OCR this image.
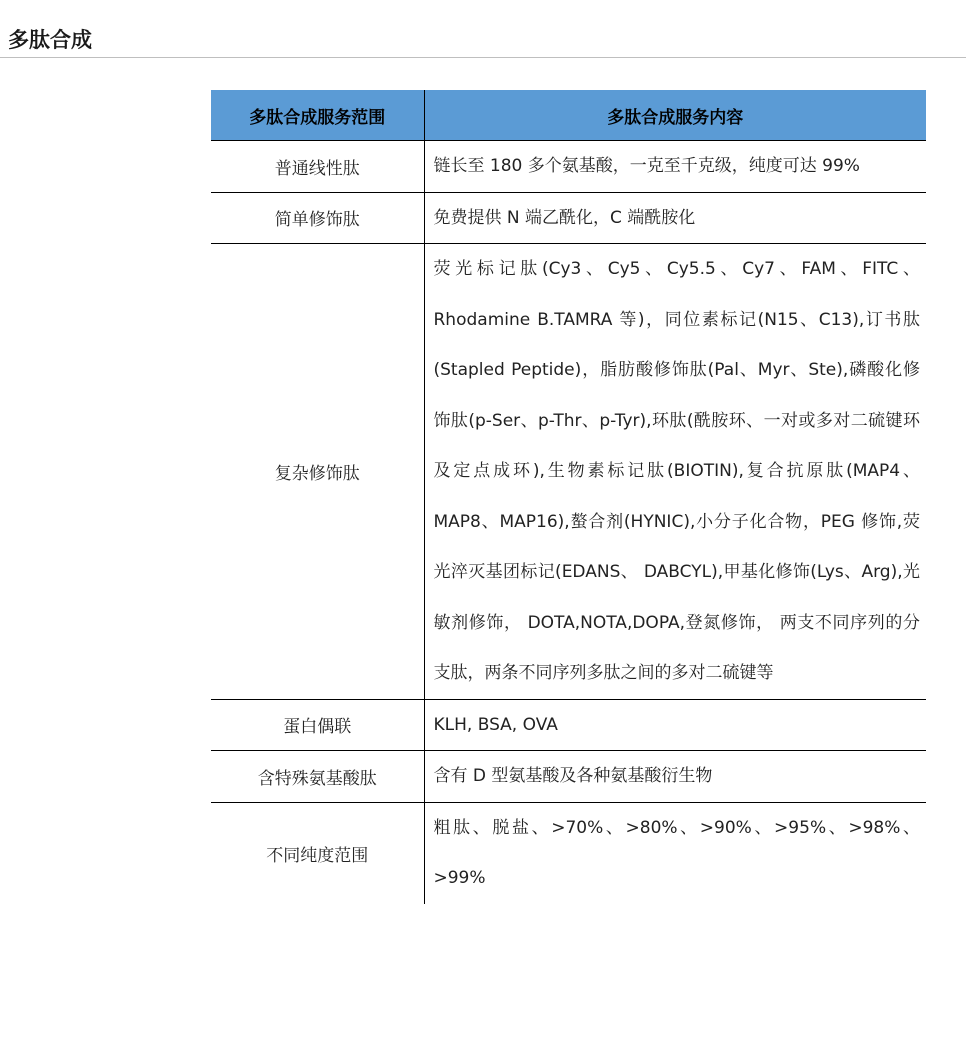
多肽合成
多肽合成服务范围	多肽合成服务内容
普通线性肽	链长至 180 多个氨基酸，一克至千克级，纯度可达 99%

简单修饰肽	免费提供 N 端乙酰化，C 端酰胺化

复杂修饰肽	荧光标记肽(Cy3、Cy5、Cy5.5、Cy7、FAM、FITC、Rhodamine B.TAMRA 等)，同位素标记(N15、C13),订书肽(Stapled Peptide)，脂肪酸修饰肽(Pal、Myr、Ste),磷酸化修饰肽(p-Ser、p-Thr、p-Tyr),环肽(酰胺环、一对或多对二硫键环及定点成环),生物素标记肽(BIOTIN),复合抗原肽(MAP4、MAP8、MAP16),螯合剂(HYNIC),小分子化合物，PEG 修饰,荧光淬灭基团标记(EDANS、 DABCYL),甲基化修饰(Lys、Arg),光敏剂修饰， DOTA,NOTA,DOPA,登氮修饰， 两支不同序列的分支肽，两条不同序列多肽之间的多对二硫键等

蛋白偶联	KLH, BSA, OVA

含特殊氨基酸肽	含有 D 型氨基酸及各种氨基酸衍生物

不同纯度范围	粗肽、脱盐、>70%、>80%、>90%、>95%、>98%、>99%
